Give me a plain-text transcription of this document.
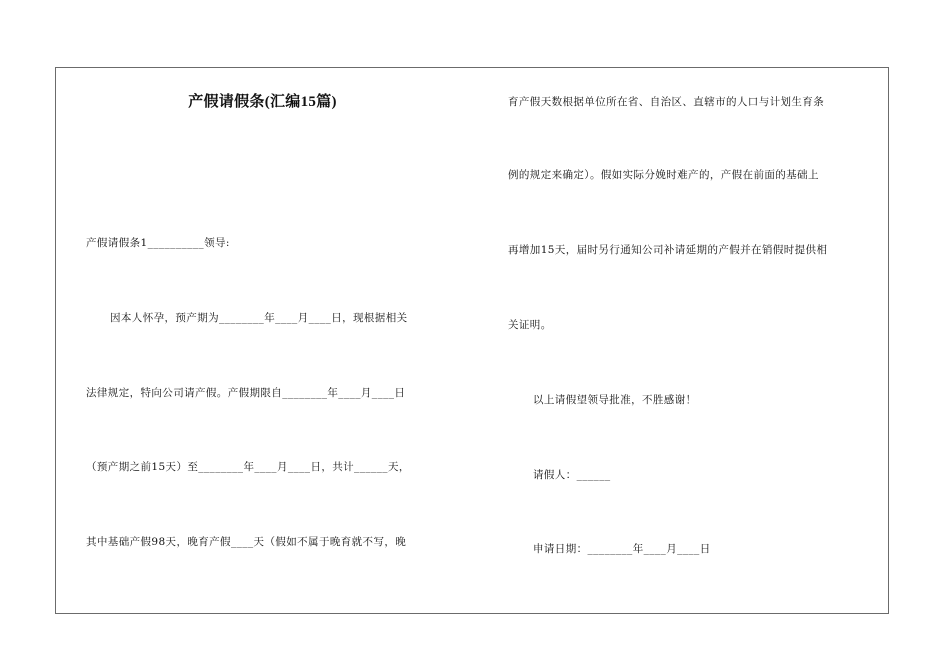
产假请假条(汇编15篇)
产假请假条1__________领导:
因本人怀孕，预产期为________年____月____日，现根据相关
法律规定，特向公司请产假。产假期限自________年____月____日
（预产期之前15天）至________年____月____日，共计______天，
其中基础产假98天，晚育产假____天（假如不属于晚育就不写，晚
育产假天数根据单位所在省、自治区、直辖市的人口与计划生育条
例的规定来确定）。假如实际分娩时难产的，产假在前面的基础上
再增加15天，届时另行通知公司补请延期的产假并在销假时提供相
关证明。
以上请假望领导批准，不胜感谢！
请假人：______
申请日期：________年____月____日
